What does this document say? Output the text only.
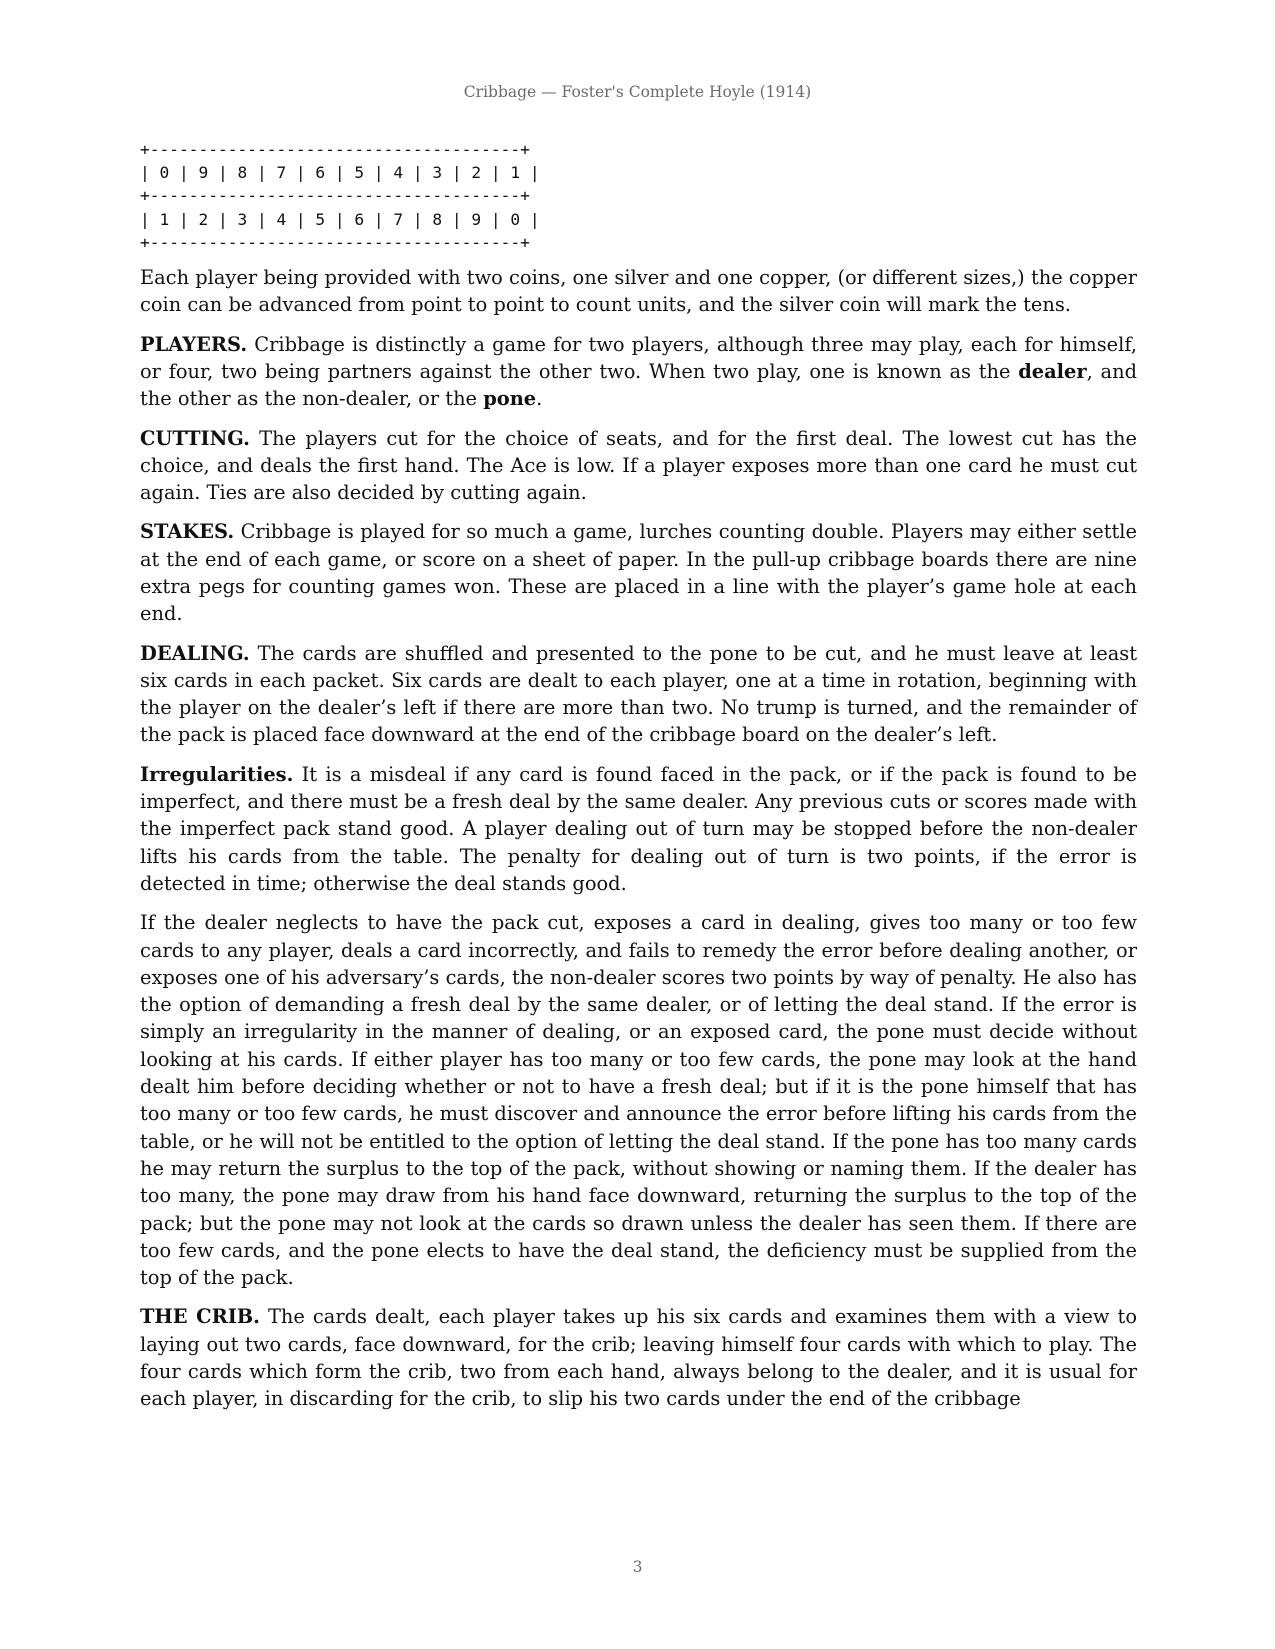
Cribbage — Foster's Complete Hoyle (1914)
+--------------------------------------+
| 0 | 9 | 8 | 7 | 6 | 5 | 4 | 3 | 2 | 1 |
+--------------------------------------+
| 1 | 2 | 3 | 4 | 5 | 6 | 7 | 8 | 9 | 0 |
+--------------------------------------+

Each player being provided with two coins, one silver and one copper, (or different sizes,) the copper coin can be advanced from point to point to count units, and the silver coin will mark the tens.

PLAYERS. Cribbage is distinctly a game for two players, although three may play, each for himself, or four, two being partners against the other two. When two play, one is known as the dealer, and the other as the non-dealer, or the pone.

CUTTING. The players cut for the choice of seats, and for the first deal. The lowest cut has the choice, and deals the first hand. The Ace is low. If a player exposes more than one card he must cut again. Ties are also decided by cutting again.

STAKES. Cribbage is played for so much a game, lurches counting double. Players may either settle at the end of each game, or score on a sheet of paper. In the pull-up cribbage boards there are nine extra pegs for counting games won. These are placed in a line with the player’s game hole at each end.

DEALING. The cards are shuffled and presented to the pone to be cut, and he must leave at least six cards in each packet. Six cards are dealt to each player, one at a time in rotation, beginning with the player on the dealer’s left if there are more than two. No trump is turned, and the remainder of the pack is placed face downward at the end of the cribbage board on the dealer’s left.

Irregularities. It is a misdeal if any card is found faced in the pack, or if the pack is found to be imperfect, and there must be a fresh deal by the same dealer. Any previous cuts or scores made with the imperfect pack stand good. A player dealing out of turn may be stopped before the non-dealer lifts his cards from the table. The penalty for dealing out of turn is two points, if the error is detected in time; otherwise the deal stands good.

If the dealer neglects to have the pack cut, exposes a card in dealing, gives too many or too few cards to any player, deals a card incorrectly, and fails to remedy the error before dealing another, or exposes one of his adversary’s cards, the non-dealer scores two points by way of penalty. He also has the option of demanding a fresh deal by the same dealer, or of letting the deal stand. If the error is simply an irregularity in the manner of dealing, or an exposed card, the pone must decide without looking at his cards. If either player has too many or too few cards, the pone may look at the hand dealt him before deciding whether or not to have a fresh deal; but if it is the pone himself that has too many or too few cards, he must discover and announce the error before lifting his cards from the table, or he will not be entitled to the option of letting the deal stand. If the pone has too many cards he may return the surplus to the top of the pack, without showing or naming them. If the dealer has too many, the pone may draw from his hand face downward, returning the surplus to the top of the pack; but the pone may not look at the cards so drawn unless the dealer has seen them. If there are too few cards, and the pone elects to have the deal stand, the deficiency must be supplied from the top of the pack.

THE CRIB. The cards dealt, each player takes up his six cards and examines them with a view to laying out two cards, face downward, for the crib; leaving himself four cards with which to play. The four cards which form the crib, two from each hand, always belong to the dealer, and it is usual for each player, in discarding for the crib, to slip his two cards under the end of the cribbage

3
